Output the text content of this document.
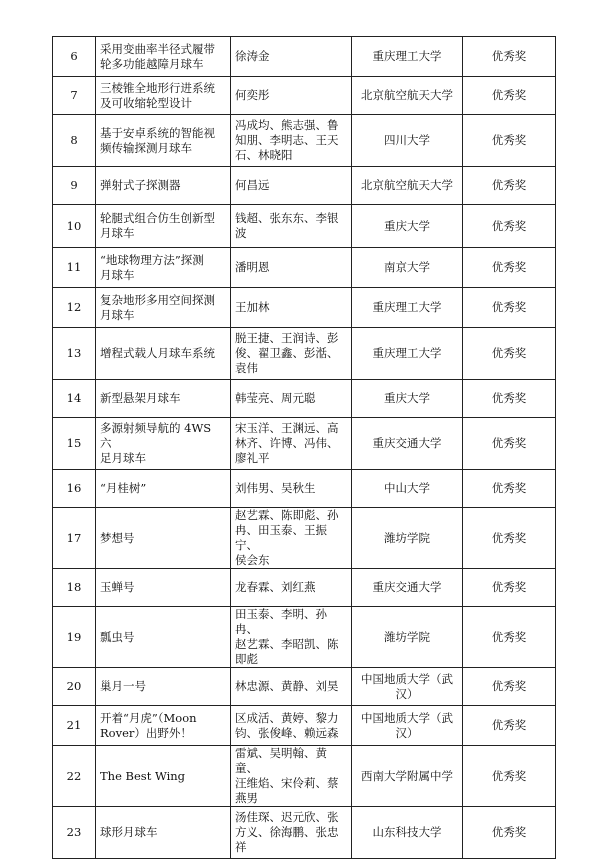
6	采用变曲率半径式履带
轮多功能越障月球车	徐涛金	重庆理工大学	优秀奖

7	三棱锥全地形行进系统
及可收缩轮型设计	何奕彤	北京航空航天大学	优秀奖

8	基于安卓系统的智能视
频传输探测月球车	冯成均、熊志强、鲁
知朋、李明志、王天
石、林晓阳	四川大学	优秀奖

9	弹射式子探测器	何昌远	北京航空航天大学	优秀奖

10	轮腿式组合仿生创新型
月球车	钱超、张东东、李银
波	重庆大学	优秀奖

11	“地球物理方法”探测
月球车	潘明恩	南京大学	优秀奖

12	复杂地形多用空间探测
月球车	王加林	重庆理工大学	优秀奖

13	增程式载人月球车系统	脱王捷、王润诗、彭
俊、翟卫鑫、彭湉、
袁伟	重庆理工大学	优秀奖

14	新型悬架月球车	韩莹亮、周元聪	重庆大学	优秀奖

15	多源射频导航的 4WS 六
足月球车	宋玉洋、王渊远、高
林齐、许博、冯伟、
廖礼平	重庆交通大学	优秀奖

16	“月桂树”	刘伟男、吴秋生	中山大学	优秀奖

17	梦想号	赵艺霖、陈即彪、孙
冉、田玉泰、王振宁、
侯会东	潍坊学院	优秀奖

18	玉蝉号	龙春霖、刘红燕	重庆交通大学	优秀奖

19	瓢虫号	田玉泰、李明、孙冉、
赵艺霖、李昭凯、陈
即彪	潍坊学院	优秀奖

20	巢月一号	林忠源、黄静、刘昊	中国地质大学（武
汉）	优秀奖

21	开着“月虎”（Moon
Rover）出野外！	区成活、黄婷、黎力
钧、张俊峰、赖远森	中国地质大学（武
汉）	优秀奖

22	The Best Wing	雷斌、吴明翰、黄童、
汪维焰、宋伶莉、蔡
燕男	西南大学附属中学	优秀奖

23	球形月球车	汤佳琛、迟元欣、张
方义、徐海鹏、张忠
祥	山东科技大学	优秀奖
